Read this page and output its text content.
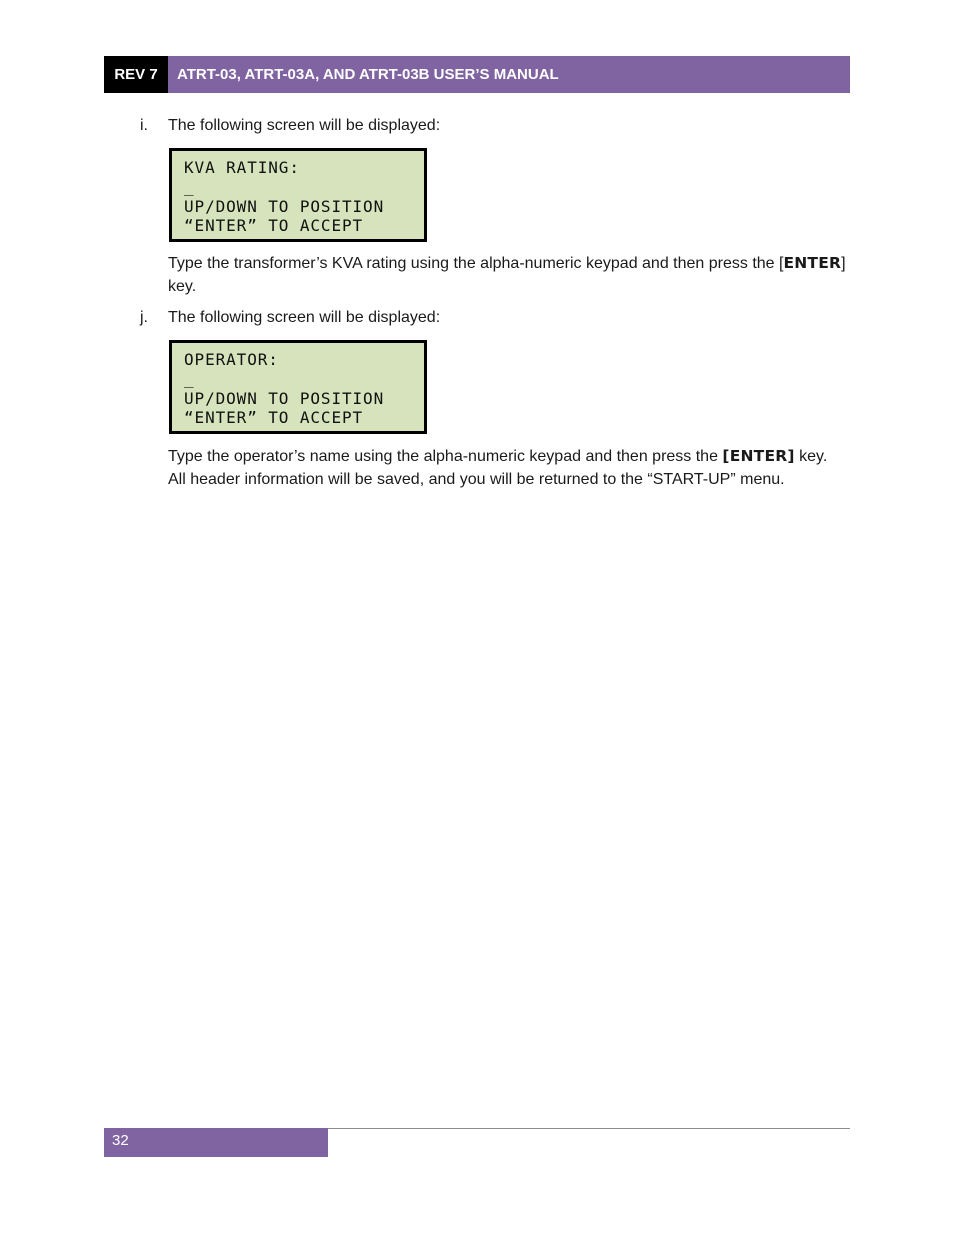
REV 7	ATRT-03, ATRT-03A, AND ATRT-03B USER’S MANUAL
i. The following screen will be displayed:
KVA RATING:
_
UP/DOWN TO POSITION
“ENTER” TO ACCEPT
Type the transformer’s KVA rating using the alpha-numeric keypad and then press the [ENTER] key.
j. The following screen will be displayed:
OPERATOR:
_
UP/DOWN TO POSITION
“ENTER” TO ACCEPT
Type the operator’s name using the alpha-numeric keypad and then press the [ENTER] key. All header information will be saved, and you will be returned to the “START-UP” menu.
32
